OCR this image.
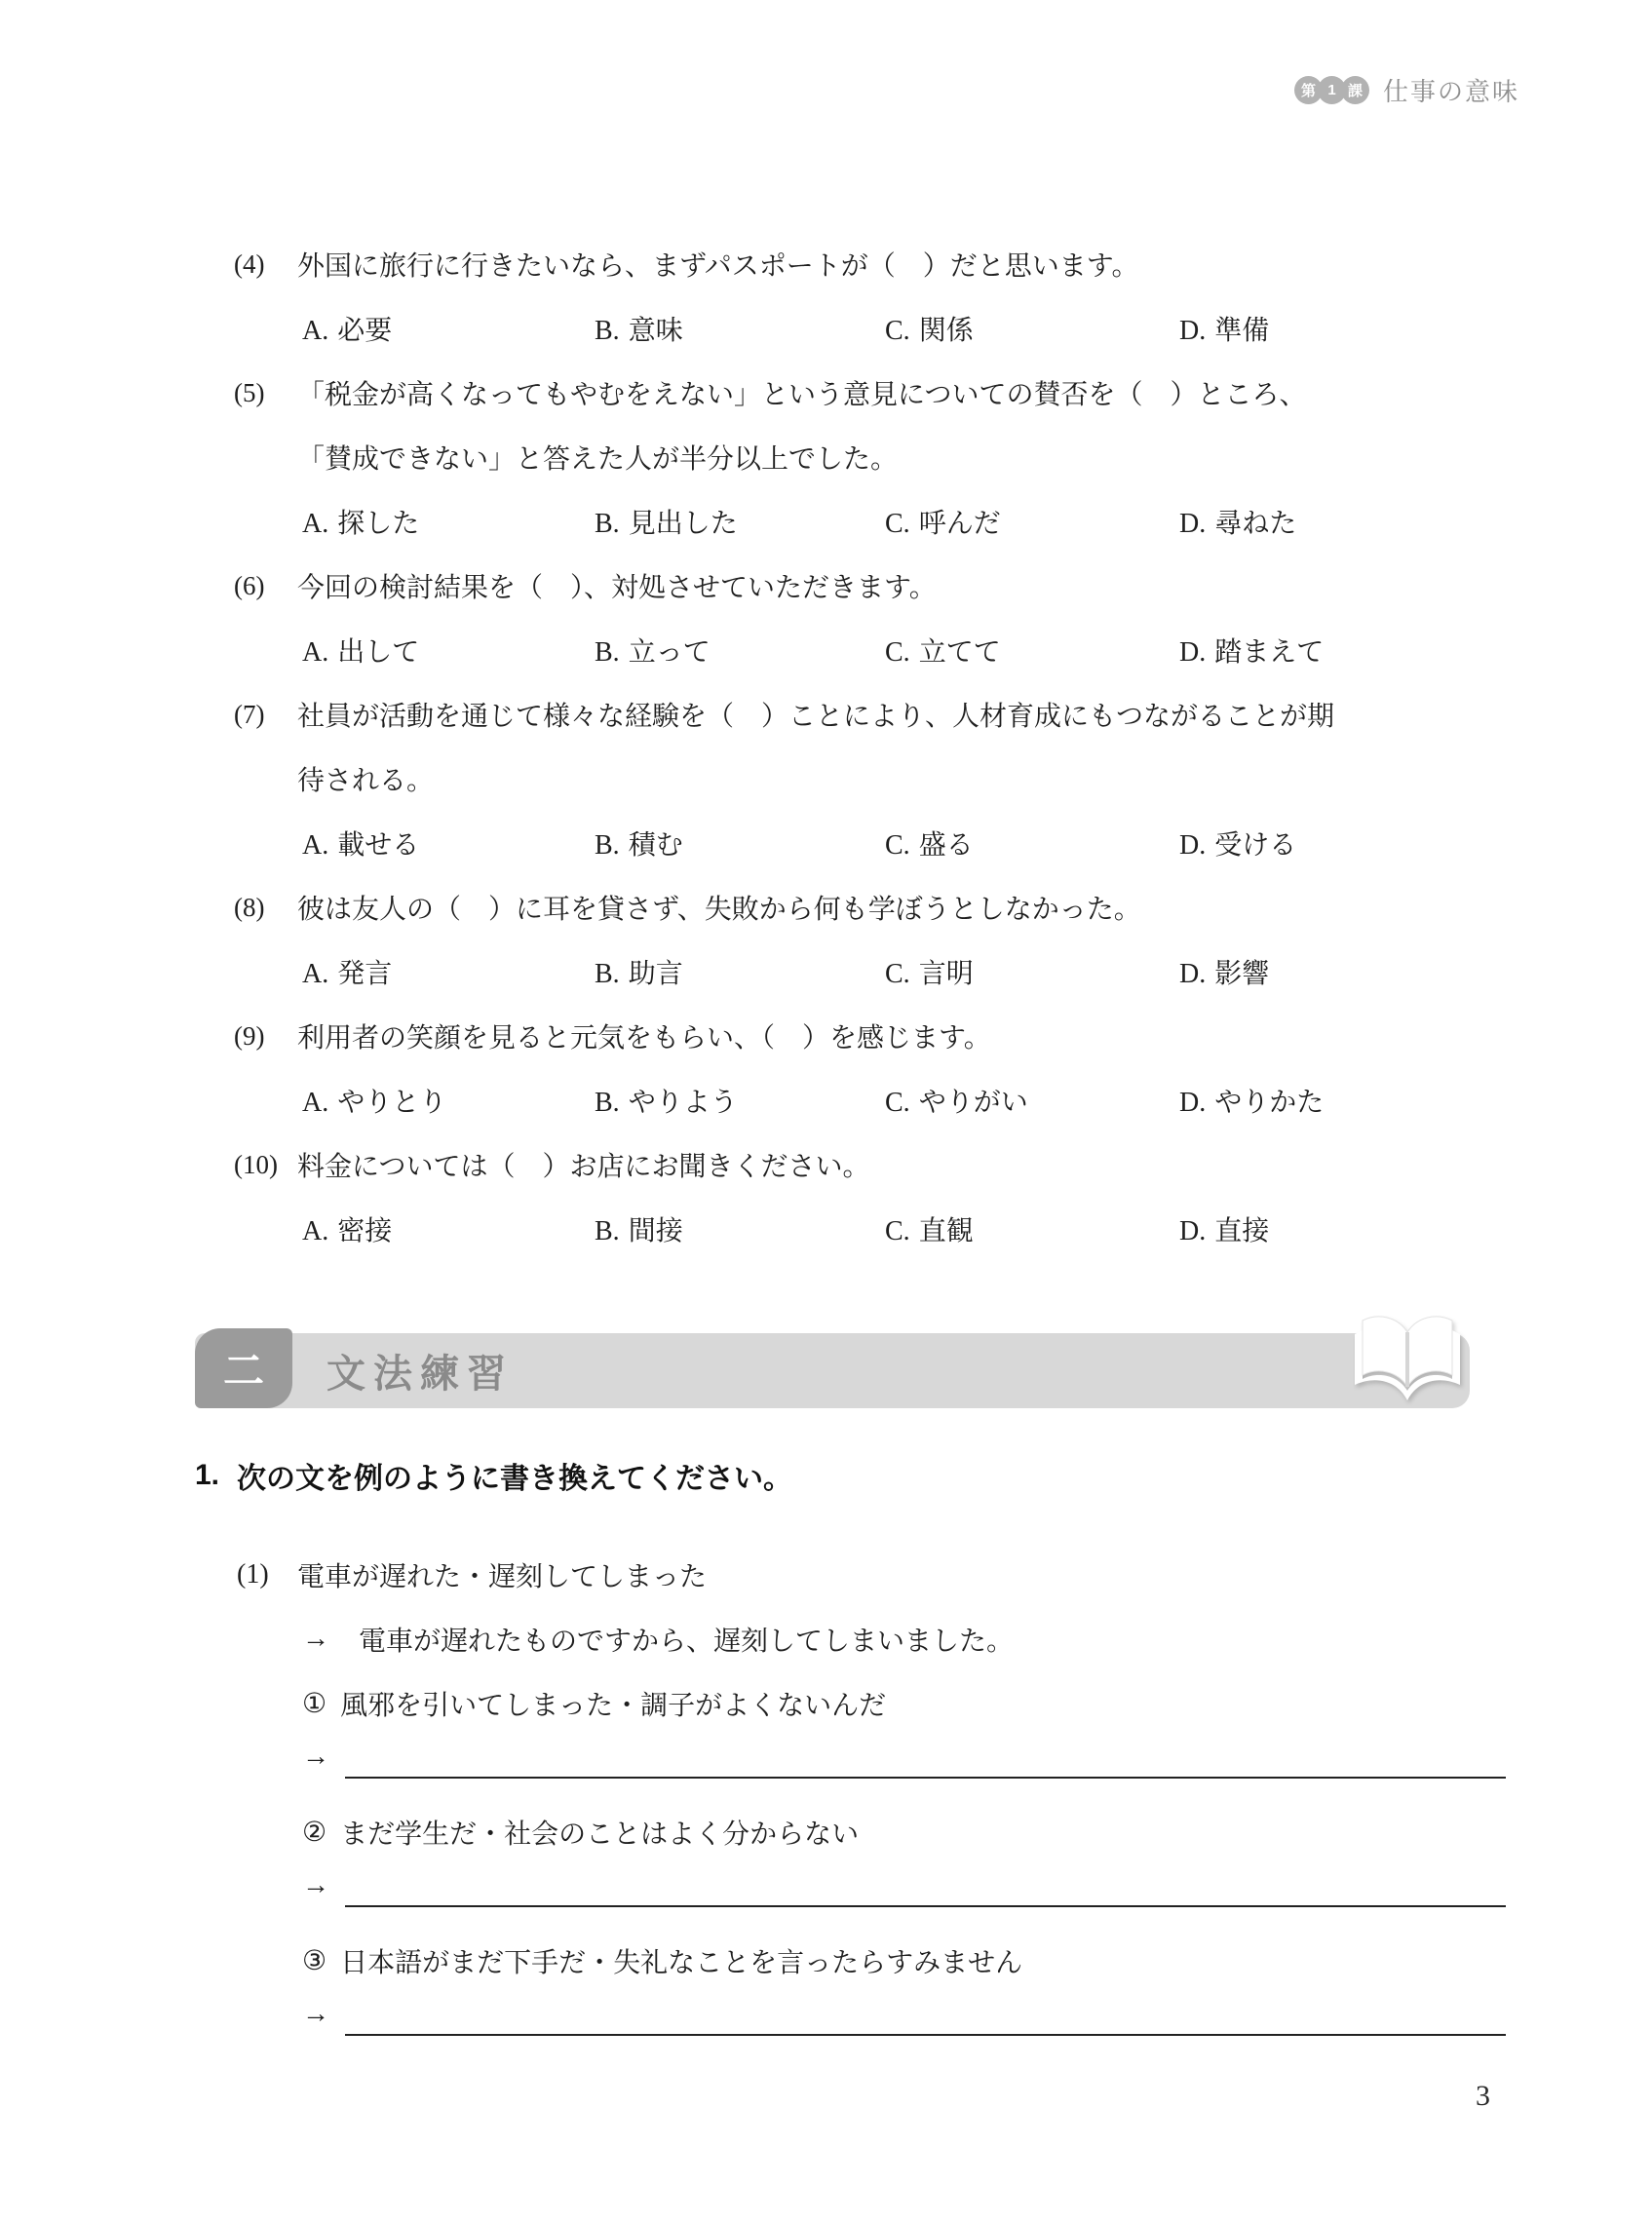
第 1 課 仕事の意味
(4) 外国に旅行に行きたいなら、まずパスポートが（　）だと思います。
A. 必要	B. 意味	C. 関係	D. 準備
(5) 「税金が高くなってもやむをえない」という意見についての賛否を（　）ところ、
「賛成できない」と答えた人が半分以上でした。
A. 探した	B. 見出した	C. 呼んだ	D. 尋ねた
(6) 今回の検討結果を（　）、対処させていただきます。
A. 出して	B. 立って	C. 立てて	D. 踏まえて
(7) 社員が活動を通じて様々な経験を（　）ことにより、人材育成にもつながることが期
待される。
A. 載せる	B. 積む	C. 盛る	D. 受ける
(8) 彼は友人の（　）に耳を貸さず、失敗から何も学ぼうとしなかった。
A. 発言	B. 助言	C. 言明	D. 影響
(9) 利用者の笑顔を見ると元気をもらい、（　）を感じます。
A. やりとり	B. やりよう	C. やりがい	D. やりかた
(10) 料金については（　）お店にお聞きください。
A. 密接	B. 間接	C. 直観	D. 直接
二	文法練習
1. 次の文を例のように書き換えてください。
(1) 電車が遅れた・遅刻してしまった
→ 電車が遅れたものですから、遅刻してしまいました。
① 風邪を引いてしまった・調子がよくないんだ
→
② まだ学生だ・社会のことはよく分からない
→
③ 日本語がまだ下手だ・失礼なことを言ったらすみません
→
3
